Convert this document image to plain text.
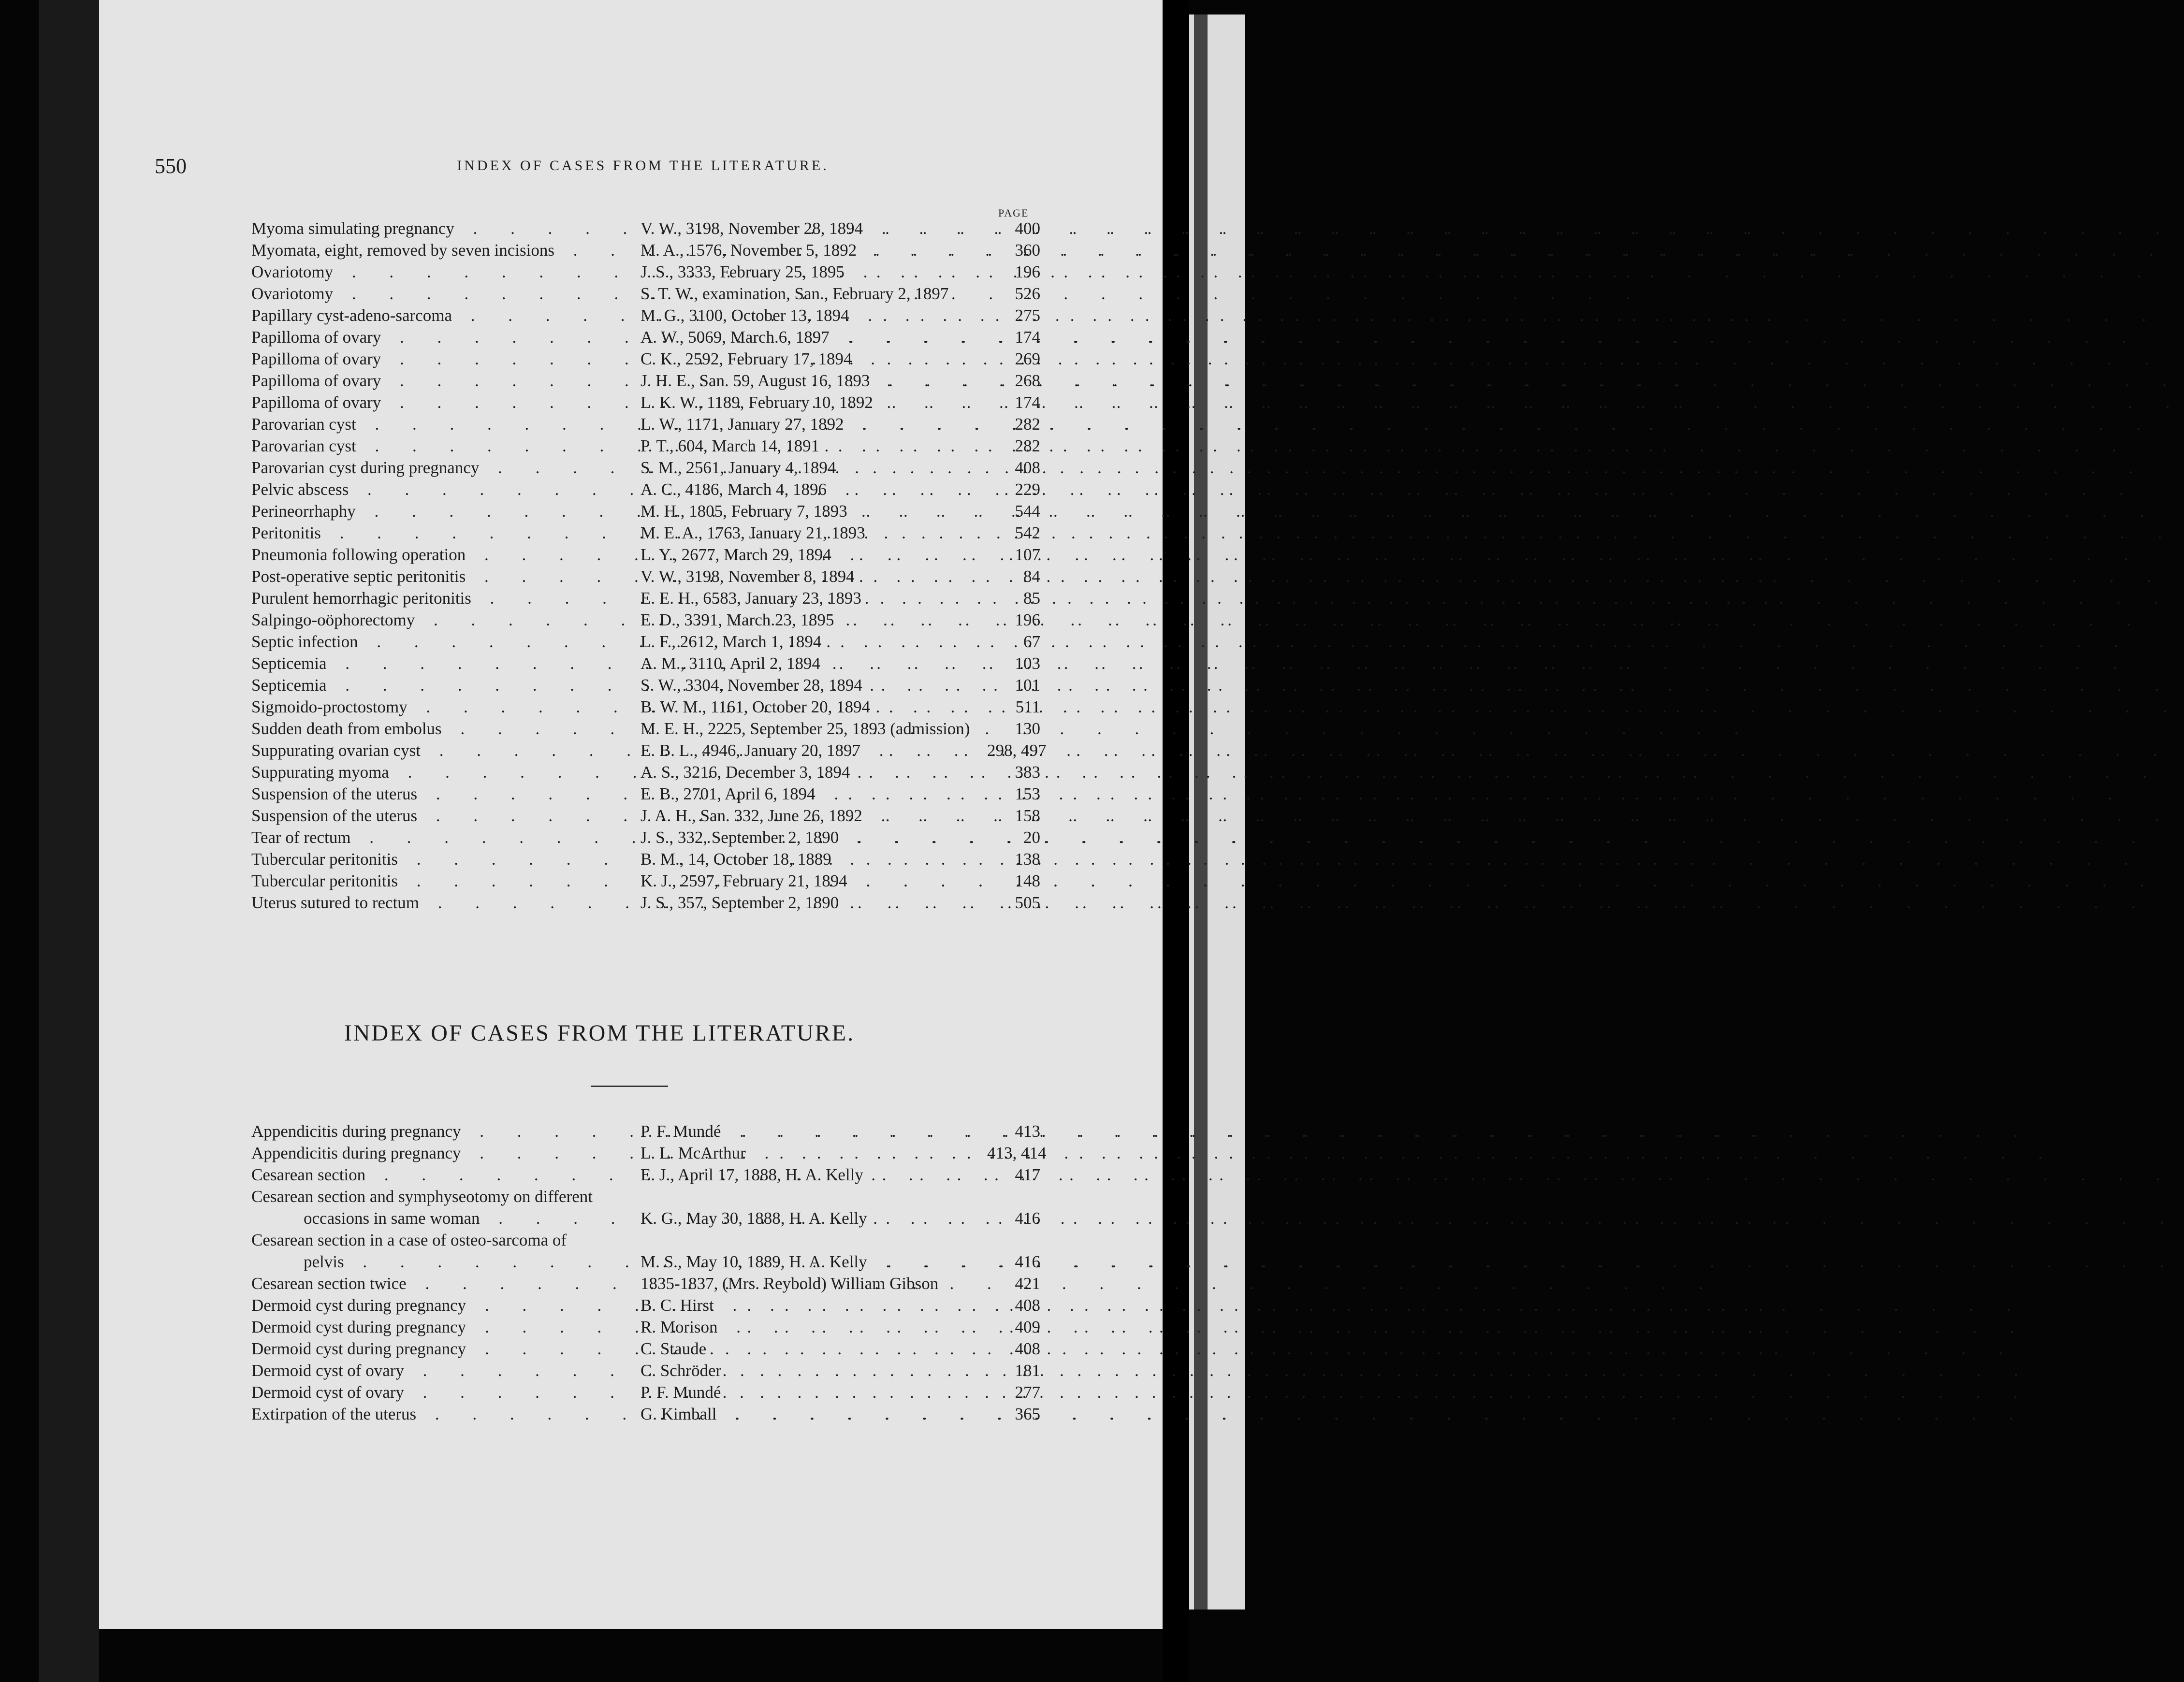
550	INDEX OF CASES FROM THE LITERATURE.
PAGE
Myoma simulating pregnancy . . .	V. W., 3198, November 28, 1894 . . .	400
Myomata, eight, removed by seven incisions . . .	M. A., 1576, November 5, 1892 . . .	360
Ovariotomy . . .	J. S., 3333, February 25, 1895 . . .	196
Ovariotomy . . .	S. T. W., examination, San., February 2, 1897	526
Papillary cyst-adeno-sarcoma . . .	M. G., 3100, October 13, 1894 . . .	275
Papilloma of ovary . . .	A. W., 5069, March 6, 1897 . . .	174
Papilloma of ovary . . .	C. K., 2592, February 17, 1894 . . .	269
Papilloma of ovary . . .	J. H. E., San. 59, August 16, 1893 . . .	268
Papilloma of ovary . . .	L. K. W., 1189, February 10, 1892 . . .	174
Parovarian cyst . . .	L. W., 1171, January 27, 1892 . . .	282
Parovarian cyst . . .	P. T., 604, March 14, 1891 . . .	282
Parovarian cyst during pregnancy . . .	S. M., 2561, January 4, 1894 . . .	408
Pelvic abscess . . .	A. C., 4186, March 4, 1896 . . .	229
Perineorrhaphy . . .	M. H., 1805, February 7, 1893 . . .	544
Peritonitis . . .	M. E. A., 1763, January 21, 1893 . . .	542
Pneumonia following operation . . .	L. Y., 2677, March 29, 1894 . . .	107
Post-operative septic peritonitis . . .	V. W., 3198, November 8, 1894 . . .	84
Purulent hemorrhagic peritonitis . . .	E. E. H., 6583, January 23, 1893 . . .	85
Salpingo-oöphorectomy . . .	E. D., 3391, March 23, 1895 . . .	196
Septic infection . . .	L. F., 2612, March 1, 1894 . . .	67
Septicemia . . .	A. M., 3110, April 2, 1894 . . .	103
Septicemia . . .	S. W., 3304, November 28, 1894 . . .	101
Sigmoido-proctostomy . . .	B. W. M., 1161, October 20, 1894 . . .	511
Sudden death from embolus . . .	M. E. H., 2225, September 25, 1893 (admission)	130
Suppurating ovarian cyst . . .	E. B. L., 4946, January 20, 1897 . . .	298, 497
Suppurating myoma . . .	A. S., 3216, December 3, 1894 . . .	383
Suspension of the uterus . . .	E. B., 2701, April 6, 1894 . . .	153
Suspension of the uterus . . .	J. A. H., San. 332, June 26, 1892 . . .	158
Tear of rectum . . .	J. S., 332, September 2, 1890 . . .	20
Tubercular peritonitis . . .	B. M., 14, October 18, 1889 . . .	138
Tubercular peritonitis . . .	K. J., 2597, February 21, 1894 . . .	148
Uterus sutured to rectum . . .	J. S., 357, September 2, 1890 . . .	505
INDEX OF CASES FROM THE LITERATURE.
Appendicitis during pregnancy . . .	P. F. Mundé . . .	413
Appendicitis during pregnancy . . .	L. L. McArthur . . .	413, 414
Cesarean section . . .	E. J., April 17, 1888, H. A. Kelly . . .	417
Cesarean section and symphyseotomy on different
occasions in same woman . . .	K. G., May 30, 1888, H. A. Kelly . . .	416
Cesarean section in a case of osteo-sarcoma of
pelvis . . .	M. S., May 10, 1889, H. A. Kelly . . .	416
Cesarean section twice . . .	1835-1837, (Mrs. Reybold) William Gibson	421
Dermoid cyst during pregnancy . . .	B. C. Hirst . . .	408
Dermoid cyst during pregnancy . . .	R. Morison . . .	409
Dermoid cyst during pregnancy . . .	C. Staude . . .	408
Dermoid cyst of ovary . . .	C. Schröder . . .	181
Dermoid cyst of ovary . . .	P. F. Mundé . . .	277
Extirpation of the uterus . . .	G. Kimball . . .	365
